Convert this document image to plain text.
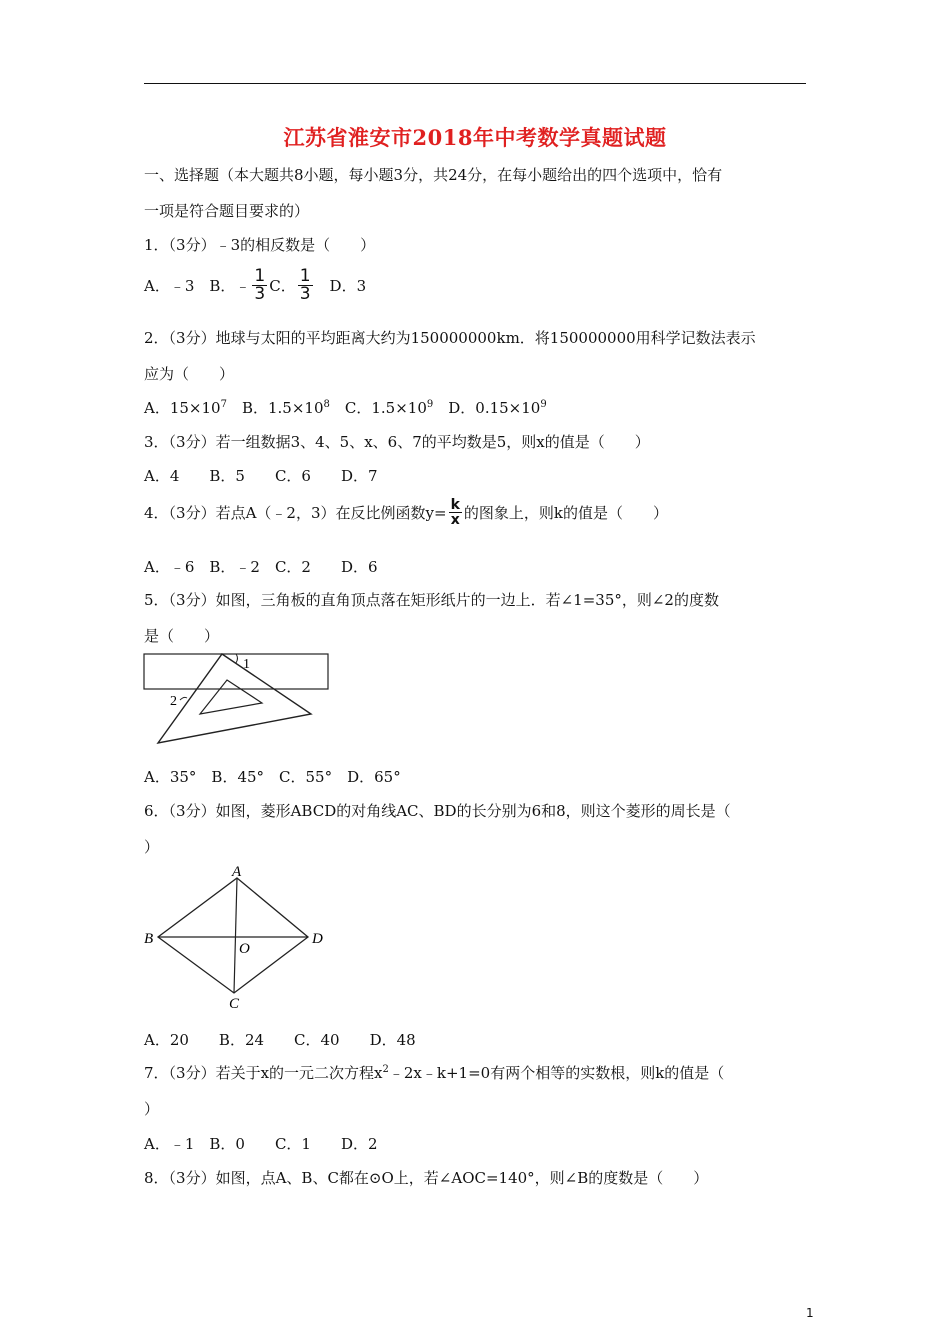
江苏省淮安市2018年中考数学真题试题
一、选择题（本大题共8小题，每小题3分，共24分，在每小题给出的四个选项中，恰有
一项是符合题目要求的）
1．（3分）﹣3的相反数是（　　）
A．﹣3　B．﹣ $\frac{1}{3}$ C． $\frac{1}{3}$ 　D．3
2．（3分）地球与太阳的平均距离大约为150000000km．将150000000用科学记数法表示
应为（　　）
A．$15\times 10^7$　B．$1.5\times 10^8$　C．$1.5\times 10^9$　D．$0.15\times 10^9$
3．（3分）若一组数据3、4、5、x、6、7的平均数是5，则x的值是（　　）
A．4　　B．5　　C．6　　D．7
4．（3分）若点A（﹣2，3）在反比例函数$y= \frac{k}{x}$ 的图象上，则k的值是（　　）
A．﹣6　B．﹣2　C．2　　D．6
5．（3分）如图，三角板的直角顶点落在矩形纸片的一边上．若∠1=35°，则∠2的度数
是（　　）
1
2
A．35°　B．45°　C．55°　D．65°
6．（3分）如图，菱形ABCD的对角线AC、BD的长分别为6和8，则这个菱形的周长是（
）
A
B
C
D
O
A．20　　B．24　　C．40　　D．48
7．（3分）若关于x的一元二次方程$x^2﹣2x﹣k+1=0$有两个相等的实数根，则k的值是（
）
A．﹣1　B．0　　C．1　　D．2
8．（3分）如图，点A、B、C都在⊙O上，若∠AOC=140°，则∠B的度数是（　　）
1
